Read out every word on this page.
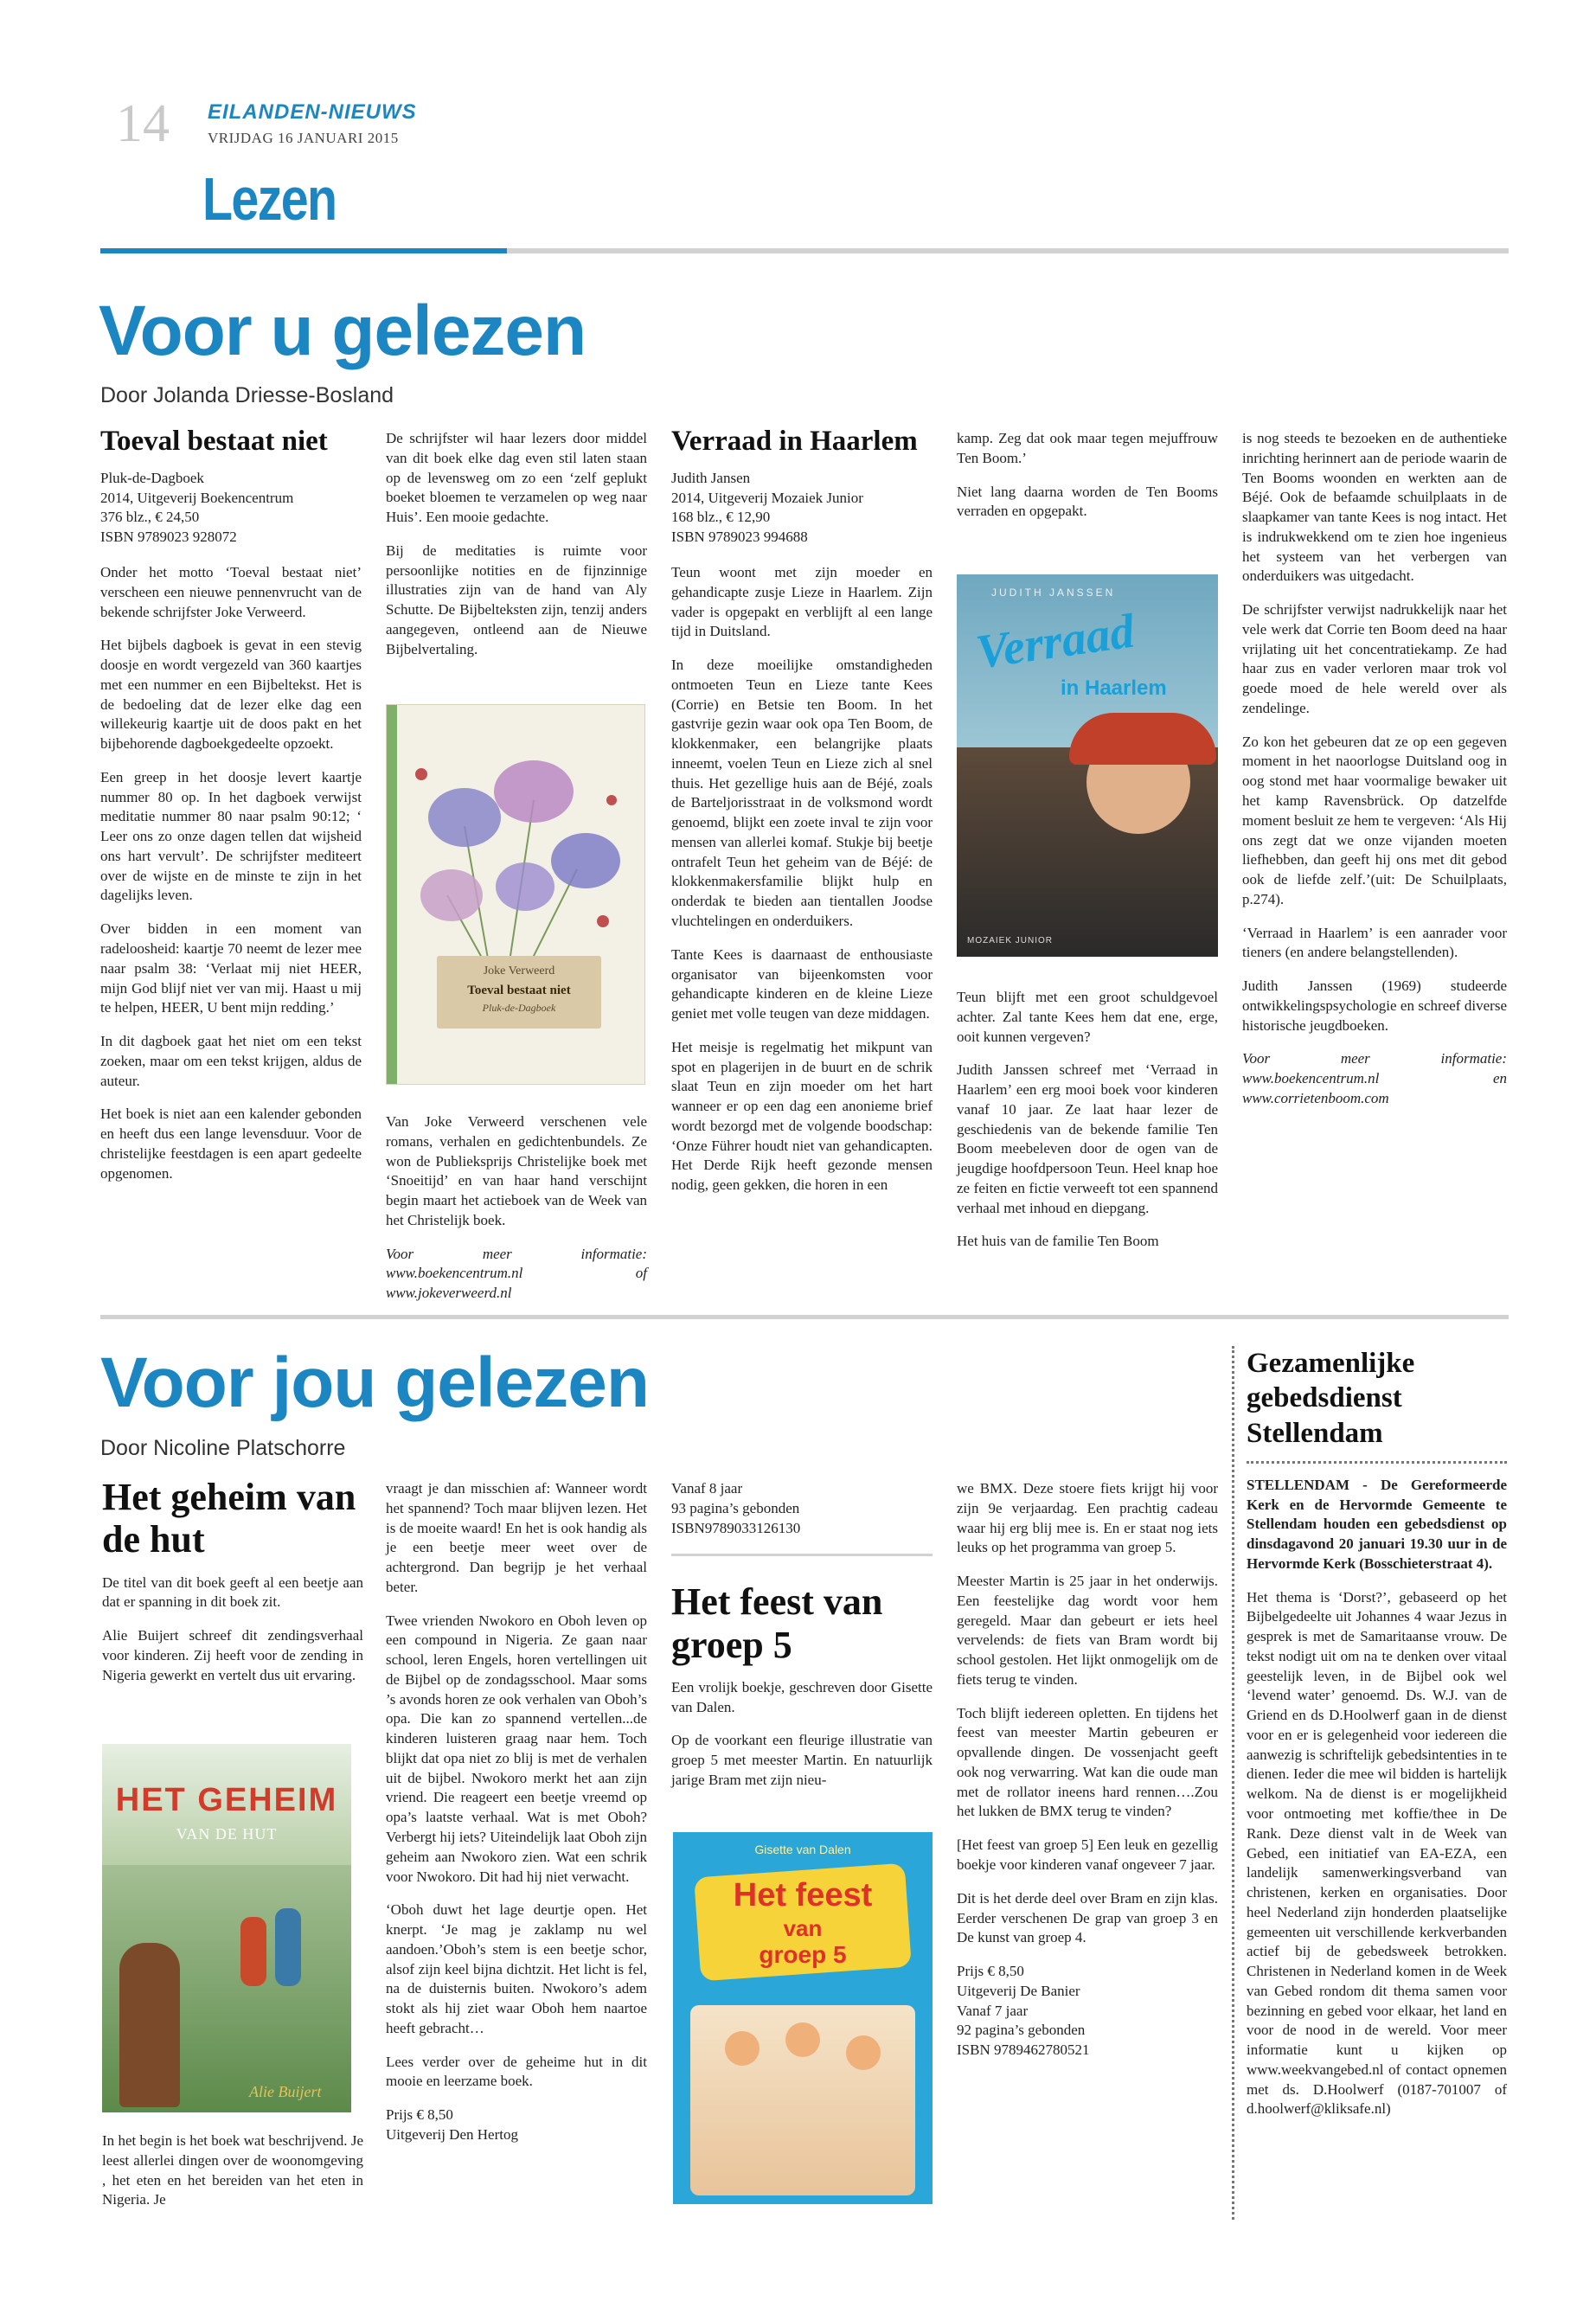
14 EILANDEN-NIEUWS
VRIJDAG 16 JANUARI 2015
Lezen
Voor u gelezen
Door Jolanda Driesse-Bosland
Toeval bestaat niet

Pluk-de-Dagboek

2014, Uitgeverij Boekencentrum

376 blz., € 24,50

ISBN 9789023 928072

Onder het motto ‘Toeval bestaat niet’ verscheen een nieuwe pennenvrucht van de bekende schrijfster Joke Verweerd.

Het bijbels dagboek is gevat in een stevig doosje en wordt vergezeld van 360 kaartjes met een nummer en een Bijbeltekst. Het is de bedoeling dat de lezer elke dag een willekeurig kaartje uit de doos pakt en het bijbehorende dagboekgedeelte opzoekt.

Een greep in het doosje levert kaartje nummer 80 op. In het dagboek verwijst meditatie nummer 80 naar psalm 90:12; ‘ Leer ons zo onze dagen tellen dat wijsheid ons hart vervult’. De schrijfster mediteert over de wijste en de minste te zijn in het dagelijks leven.

Over bidden in een moment van radeloosheid: kaartje 70 neemt de lezer mee naar psalm 38: ‘Verlaat mij niet HEER, mijn God blijf niet ver van mij. Haast u mij te helpen, HEER, U bent mijn redding.’

In dit dagboek gaat het niet om een tekst zoeken, maar om een tekst krijgen, aldus de auteur.

Het boek is niet aan een kalender gebonden en heeft dus een lange levensduur. Voor de christelijke feestdagen is een apart gedeelte opgenomen.

De schrijfster wil haar lezers door middel van dit boek elke dag even stil laten staan op de levensweg om zo een ‘zelf geplukt boeket bloemen te verzamelen op weg naar Huis’. Een mooie gedachte.

Bij de meditaties is ruimte voor persoonlijke notities en de fijnzinnige illustraties zijn van de hand van Aly Schutte. De Bijbelteksten zijn, tenzij anders aangegeven, ontleend aan de Nieuwe Bijbelvertaling.

Joke Verweerd
Toeval bestaat niet
Pluk-de-Dagboek

Van Joke Verweerd verschenen vele romans, verhalen en gedichtenbundels. Ze won de Publieksprijs Christelijke boek met ‘Snoeitijd’ en van haar hand verschijnt begin maart het actieboek van de Week van het Christelijk boek.

Voor meer informatie: www.boekencentrum.nl of www.jokeverweerd.nl

Verraad in Haarlem

Judith Jansen

2014, Uitgeverij Mozaiek Junior

168 blz., € 12,90

ISBN 9789023 994688

Teun woont met zijn moeder en gehandicapte zusje Lieze in Haarlem. Zijn vader is opgepakt en verblijft al een lange tijd in Duitsland.

In deze moeilijke omstandigheden ontmoeten Teun en Lieze tante Kees (Corrie) en Betsie ten Boom. In het gastvrije gezin waar ook opa Ten Boom, de klokkenmaker, een belangrijke plaats inneemt, voelen Teun en Lieze zich al snel thuis. Het gezellige huis aan de Béjé, zoals de Barteljorisstraat in de volksmond wordt genoemd, blijkt een zoete inval te zijn voor mensen van allerlei komaf. Stukje bij beetje ontrafelt Teun het geheim van de Béjé: de klokkenmakersfamilie blijkt hulp en onderdak te bieden aan tientallen Joodse vluchtelingen en onderduikers.

Tante Kees is daarnaast de enthousiaste organisator van bijeenkomsten voor gehandicapte kinderen en de kleine Lieze geniet met volle teugen van deze middagen.

Het meisje is regelmatig het mikpunt van spot en plagerijen in de buurt en de schrik slaat Teun en zijn moeder om het hart wanneer er op een dag een anonieme brief wordt bezorgd met de volgende boodschap: ‘Onze Führer houdt niet van gehandicapten. Het Derde Rijk heeft gezonde mensen nodig, geen gekken, die horen in een

kamp. Zeg dat ook maar tegen mejuffrouw Ten Boom.’

Niet lang daarna worden de Ten Booms verraden en opgepakt.

JUDITH JANSSEN
Verraad
in Haarlem
MOZAIEK JUNIOR

Teun blijft met een groot schuldgevoel achter. Zal tante Kees hem dat ene, erge, ooit kunnen vergeven?

Judith Janssen schreef met ‘Verraad in Haarlem’ een erg mooi boek voor kinderen vanaf 10 jaar. Ze laat haar lezer de geschiedenis van de bekende familie Ten Boom meebeleven door de ogen van de jeugdige hoofdpersoon Teun. Heel knap hoe ze feiten en fictie verweeft tot een spannend verhaal met inhoud en diepgang.

Het huis van de familie Ten Boom

is nog steeds te bezoeken en de authentieke inrichting herinnert aan de periode waarin de Ten Booms woonden en werkten aan de Béjé. Ook de befaamde schuilplaats in de slaapkamer van tante Kees is nog intact. Het is indrukwekkend om te zien hoe ingenieus het systeem van het verbergen van onderduikers was uitgedacht.

De schrijfster verwijst nadrukkelijk naar het vele werk dat Corrie ten Boom deed na haar vrijlating uit het concentratiekamp. Ze had haar zus en vader verloren maar trok vol goede moed de hele wereld over als zendelinge.

Zo kon het gebeuren dat ze op een gegeven moment in het naoorlogse Duitsland oog in oog stond met haar voormalige bewaker uit het kamp Ravensbrück. Op datzelfde moment besluit ze hem te vergeven: ‘Als Hij ons zegt dat we onze vijanden moeten liefhebben, dan geeft hij ons met dit gebod ook de liefde zelf.’(uit: De Schuilplaats, p.274).

‘Verraad in Haarlem’ is een aanrader voor tieners (en andere belangstellenden).

Judith Janssen (1969) studeerde ontwikkelingspsychologie en schreef diverse historische jeugdboeken.

Voor meer informatie: www.boekencentrum.nl en www.corrietenboom.com

Voor jou gelezen
Door Nicoline Platschorre
Het geheim van de hut

De titel van dit boek geeft al een beetje aan dat er spanning in dit boek zit.

Alie Buijert schreef dit zendingsverhaal voor kinderen. Zij heeft voor de zending in Nigeria gewerkt en vertelt dus uit ervaring.

HET GEHEIM
VAN DE HUT
Alie Buijert

In het begin is het boek wat beschrijvend. Je leest allerlei dingen over de woonomgeving , het eten en het bereiden van het eten in Nigeria. Je

vraagt je dan misschien af: Wanneer wordt het spannend? Toch maar blijven lezen. Het is de moeite waard! En het is ook handig als je een beetje meer weet over de achtergrond. Dan begrijp je het verhaal beter.

Twee vrienden Nwokoro en Oboh leven op een compound in Nigeria. Ze gaan naar school, leren Engels, horen vertellingen uit de Bijbel op de zondagsschool. Maar soms ’s avonds horen ze ook verhalen van Oboh’s opa. Die kan zo spannend vertellen...de kinderen luisteren graag naar hem. Toch blijkt dat opa niet zo blij is met de verhalen uit de bijbel. Nwokoro merkt het aan zijn vriend. Die reageert een beetje vreemd op opa’s laatste verhaal. Wat is met Oboh? Verbergt hij iets? Uiteindelijk laat Oboh zijn geheim aan Nwokoro zien. Wat een schrik voor Nwokoro. Dit had hij niet verwacht.

‘Oboh duwt het lage deurtje open. Het knerpt. ‘Je mag je zaklamp nu wel aandoen.’Oboh’s stem is een beetje schor, alsof zijn keel bijna dichtzit. Het licht is fel, na de duisternis buiten. Nwokoro’s adem stokt als hij ziet waar Oboh hem naartoe heeft gebracht…

Lees verder over de geheime hut in dit mooie en leerzame boek.

Prijs € 8,50

Uitgeverij Den Hertog

Vanaf 8 jaar

93 pagina’s gebonden

ISBN9789033126130

Het feest van groep 5

Een vrolijk boekje, geschreven door Gisette van Dalen.

Op de voorkant een fleurige illustratie van groep 5 met meester Martin. En natuurlijk jarige Bram met zijn nieu-

Gisette van Dalen
Het feest
van
groep 5

we BMX. Deze stoere fiets krijgt hij voor zijn 9e verjaardag. Een prachtig cadeau waar hij erg blij mee is. En er staat nog iets leuks op het programma van groep 5.

Meester Martin is 25 jaar in het onderwijs. Een feestelijke dag wordt voor hem geregeld. Maar dan gebeurt er iets heel vervelends: de fiets van Bram wordt bij school gestolen. Het lijkt onmogelijk om de fiets terug te vinden.

Toch blijft iedereen opletten. En tijdens het feest van meester Martin gebeuren er opvallende dingen. De vossenjacht geeft ook nog verwarring. Wat kan die oude man met de rollator ineens hard rennen….Zou het lukken de BMX terug te vinden?

[Het feest van groep 5] Een leuk en gezellig boekje voor kinderen vanaf ongeveer 7 jaar.

Dit is het derde deel over Bram en zijn klas. Eerder verschenen De grap van groep 3 en De kunst van groep 4.

Prijs € 8,50

Uitgeverij De Banier

Vanaf 7 jaar

92 pagina’s gebonden

ISBN 9789462780521

Gezamenlijke gebedsdienst Stellendam

STELLENDAM - De Gereformeerde Kerk en de Hervormde Gemeente te Stellendam houden een gebedsdienst op dinsdagavond 20 januari 19.30 uur in de Hervormde Kerk (Bosschieterstraat 4).

Het thema is ‘Dorst?’, gebaseerd op het Bijbelgedeelte uit Johannes 4 waar Jezus in gesprek is met de Samaritaanse vrouw. De tekst nodigt uit om na te denken over vitaal geestelijk leven, in de Bijbel ook wel ‘levend water’ genoemd. Ds. W.J. van de Griend en ds D.Hoolwerf gaan in de dienst voor en er is gelegenheid voor iedereen die aanwezig is schriftelijk gebedsintenties in te dienen. Ieder die mee wil bidden is hartelijk welkom. Na de dienst is er mogelijkheid voor ontmoeting met koffie/thee in De Rank. Deze dienst valt in de Week van Gebed, een initiatief van EA-EZA, een landelijk samenwerkingsverband van christenen, kerken en organisaties. Door heel Nederland zijn honderden plaatselijke gemeenten uit verschillende kerkverbanden actief bij de gebedsweek betrokken. Christenen in Nederland komen in de Week van Gebed rondom dit thema samen voor bezinning en gebed voor elkaar, het land en voor de nood in de wereld. Voor meer informatie kunt u kijken op www.weekvangebed.nl of contact opnemen met ds. D.Hoolwerf (0187-701007 of d.hoolwerf@kliksafe.nl)
